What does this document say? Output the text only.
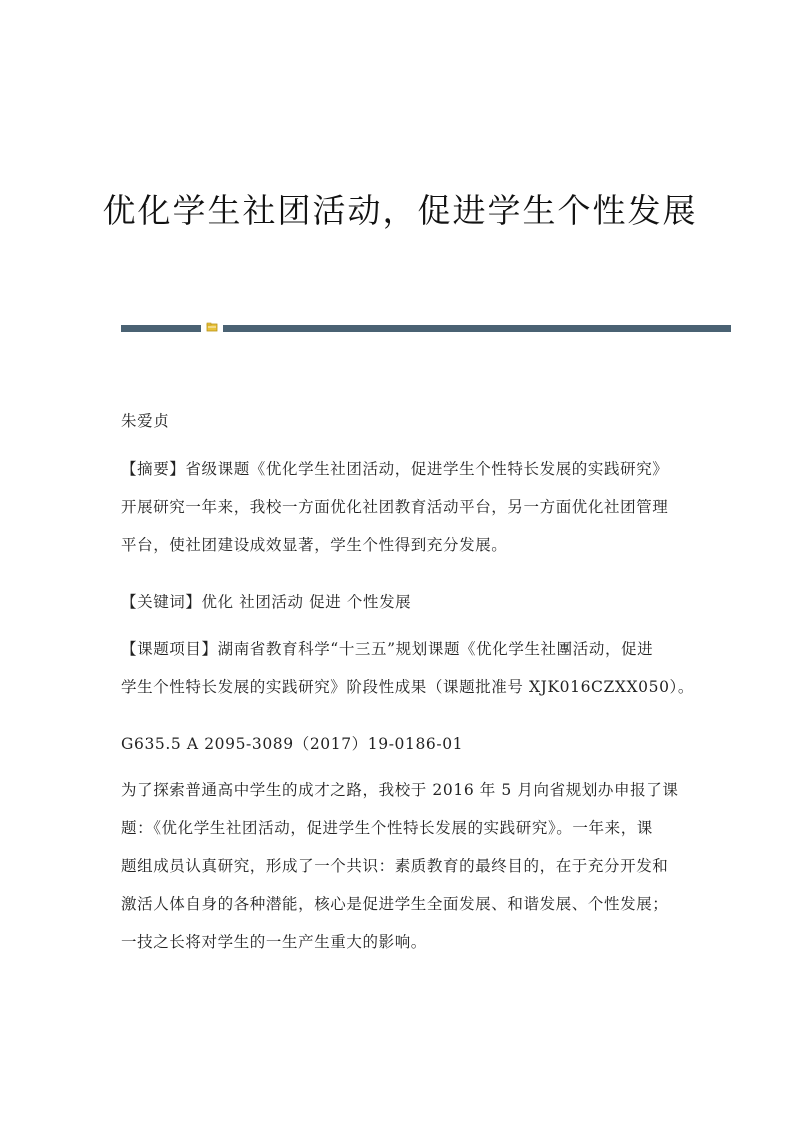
优化学生社团活动，促进学生个性发展
朱爱贞
【摘要】省级课题《优化学生社团活动，促进学生个性特长发展的实践研究》
开展研究一年来，我校一方面优化社团教育活动平台，另一方面优化社团管理
平台，使社团建设成效显著，学生个性得到充分发展。
【关键词】优化 社团活动 促进 个性发展
【课题项目】湖南省教育科学“十三五”规划课题《优化学生社團活动，促进
学生个性特长发展的实践研究》阶段性成果（课题批准号 XJK016CZXX050）。
G635.5 A 2095-3089（2017）19-0186-01
为了探索普通高中学生的成才之路，我校于 2016 年 5 月向省规划办申报了课
题：《优化学生社团活动，促进学生个性特长发展的实践研究》。一年来，课
题组成员认真研究，形成了一个共识：素质教育的最终目的，在于充分开发和
激活人体自身的各种潜能，核心是促进学生全面发展、和谐发展、个性发展；
一技之长将对学生的一生产生重大的影响。
